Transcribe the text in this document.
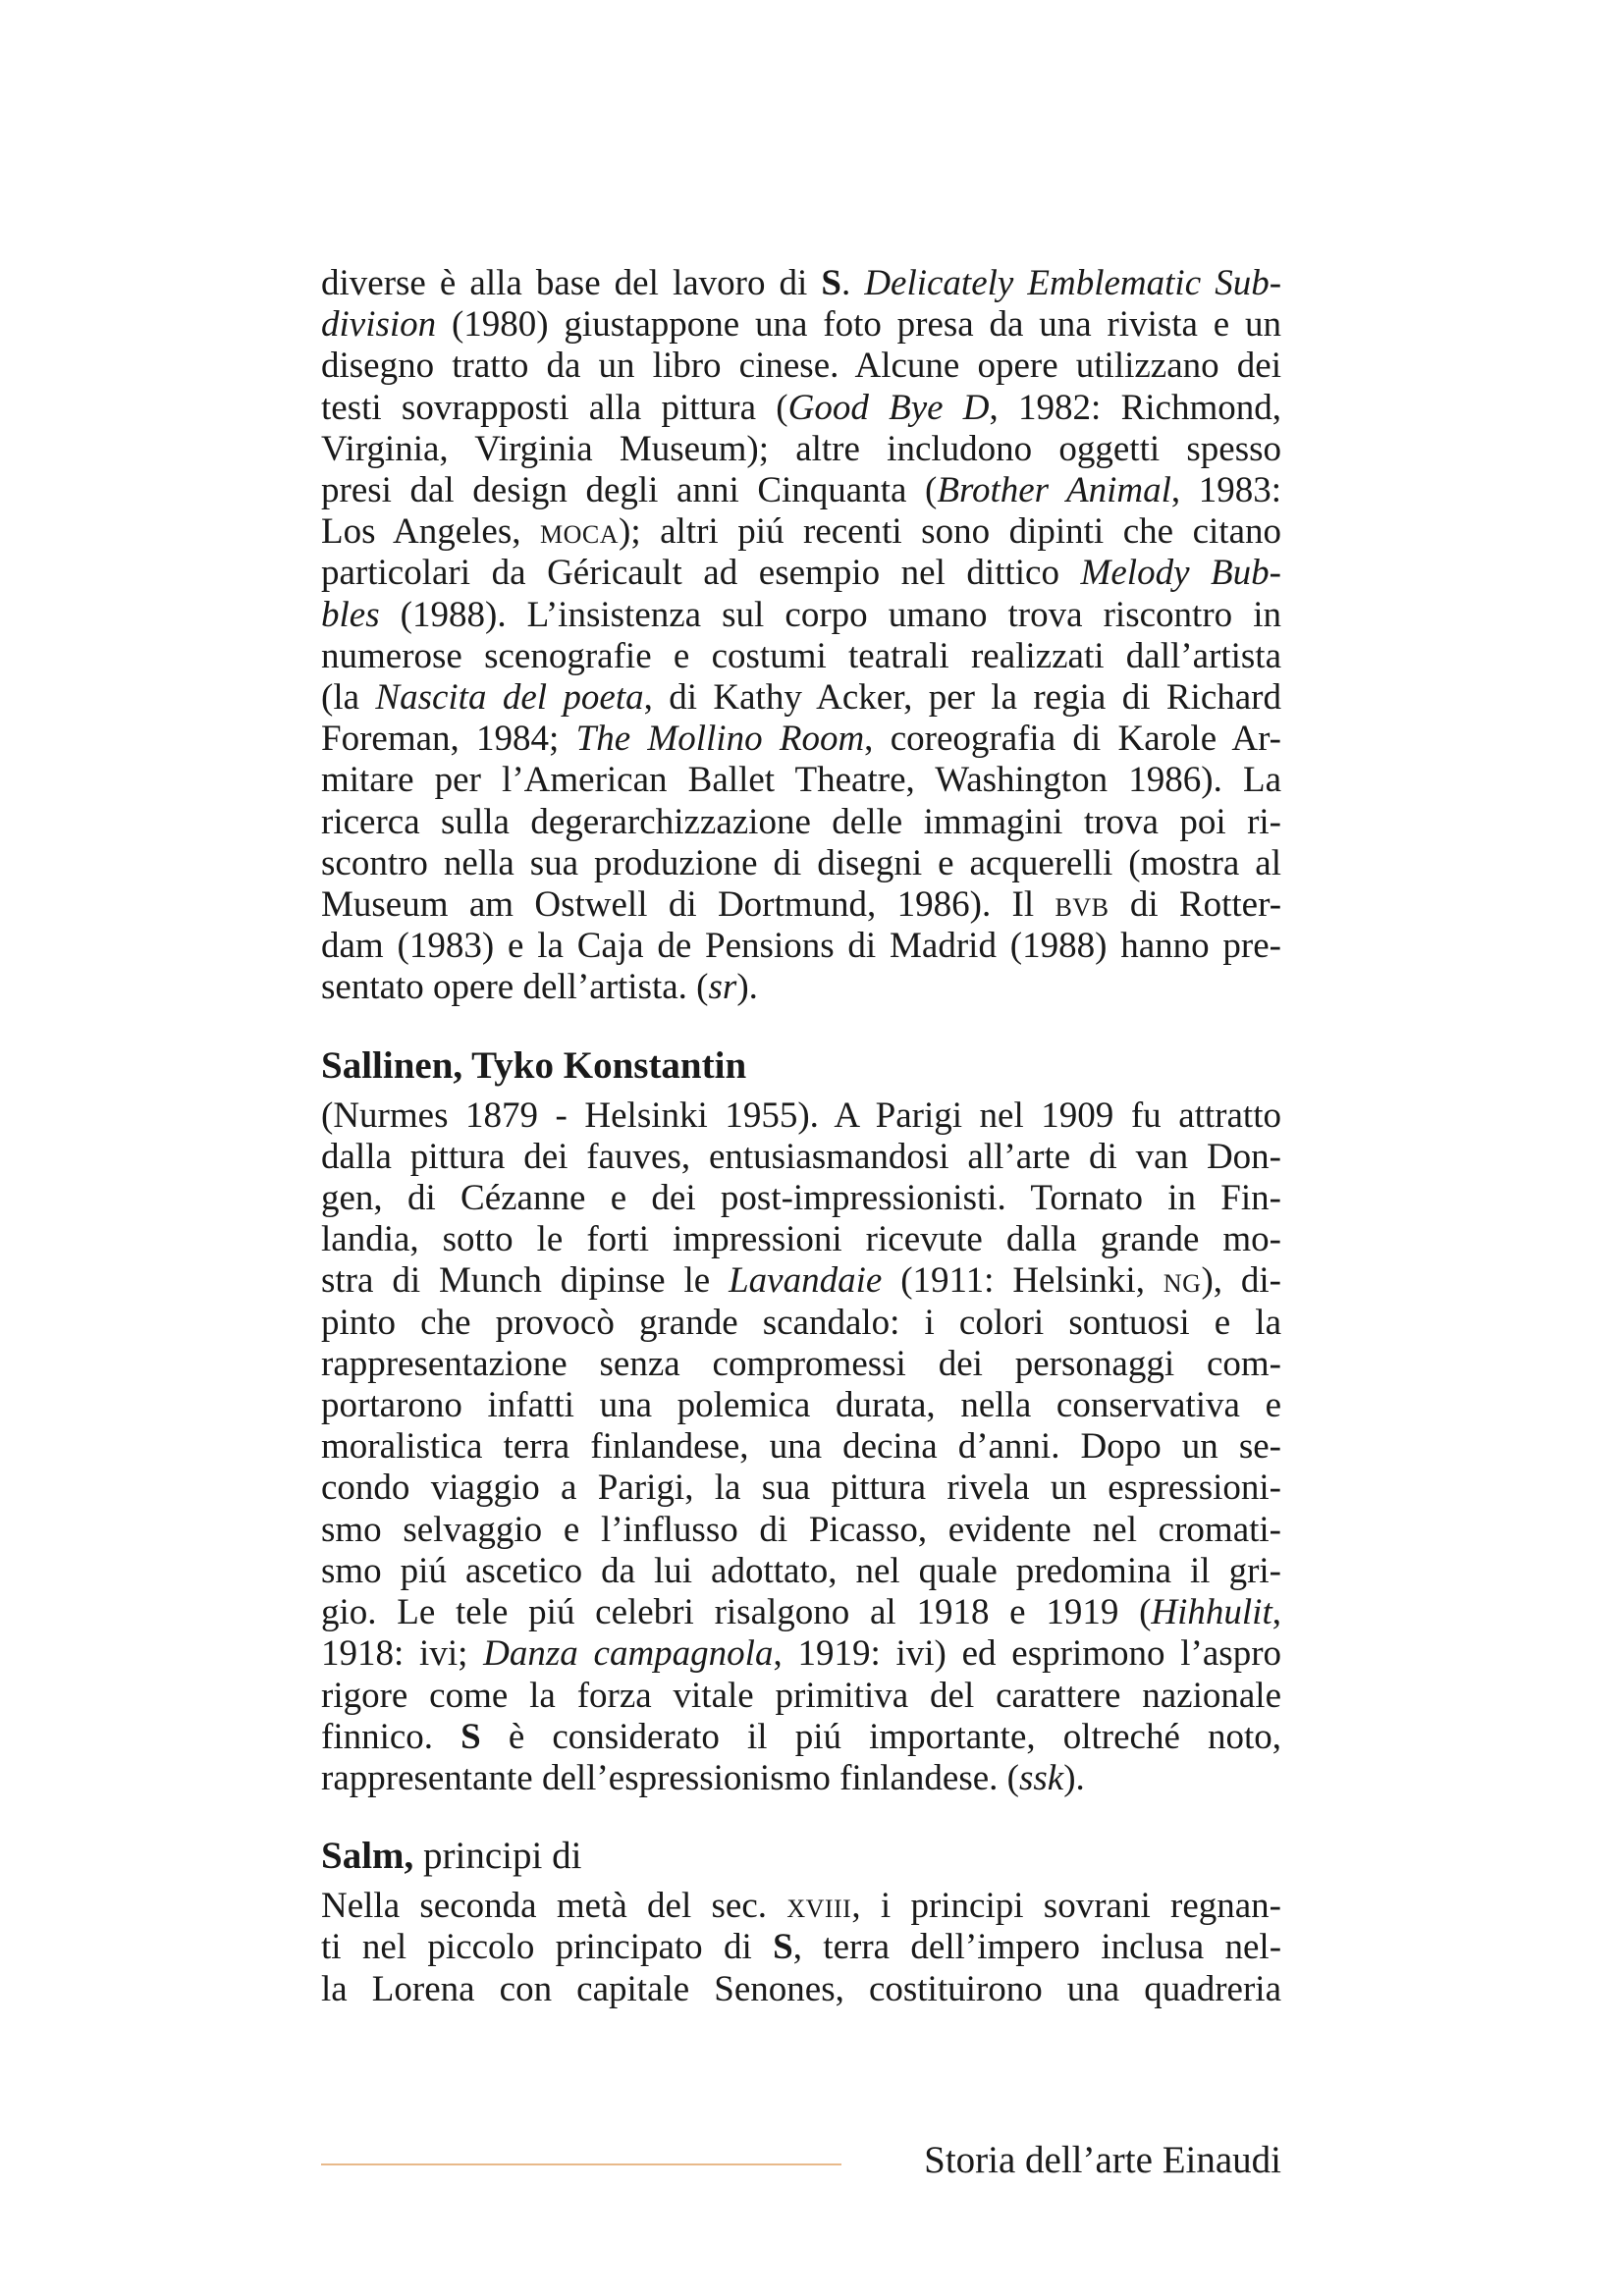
diverse è alla base del lavoro di S. Delicately Emblematic Sub-

division (1980) giustappone una foto presa da una rivista e un

disegno tratto da un libro cinese. Alcune opere utilizzano dei

testi sovrapposti alla pittura (Good Bye D, 1982: Richmond,

Virginia, Virginia Museum); altre includono oggetti spesso

presi dal design degli anni Cinquanta (Brother Animal, 1983:

Los Angeles, moca); altri piú recenti sono dipinti che citano

particolari da Géricault ad esempio nel dittico Melody Bub-

bles (1988). L’insistenza sul corpo umano trova riscontro in

numerose scenografie e costumi teatrali realizzati dall’artista

(la Nascita del poeta, di Kathy Acker, per la regia di Richard

Foreman, 1984; The Mollino Room, coreografia di Karole Ar-

mitare per l’American Ballet Theatre, Washington 1986). La

ricerca sulla degerarchizzazione delle immagini trova poi ri-

scontro nella sua produzione di disegni e acquerelli (mostra al

Museum am Ostwell di Dortmund, 1986). Il bvb di Rotter-

dam (1983) e la Caja de Pensions di Madrid (1988) hanno pre-

sentato opere dell’artista. (sr).

Sallinen, Tyko Konstantin

(Nurmes 1879 - Helsinki 1955). A Parigi nel 1909 fu attratto

dalla pittura dei fauves, entusiasmandosi all’arte di van Don-

gen, di Cézanne e dei post-impressionisti. Tornato in Fin-

landia, sotto le forti impressioni ricevute dalla grande mo-

stra di Munch dipinse le Lavandaie (1911: Helsinki, ng), di-

pinto che provocò grande scandalo: i colori sontuosi e la

rappresentazione senza compromessi dei personaggi com-

portarono infatti una polemica durata, nella conservativa e

moralistica terra finlandese, una decina d’anni. Dopo un se-

condo viaggio a Parigi, la sua pittura rivela un espressioni-

smo selvaggio e l’influsso di Picasso, evidente nel cromati-

smo piú ascetico da lui adottato, nel quale predomina il gri-

gio. Le tele piú celebri risalgono al 1918 e 1919 (Hihhulit,

1918: ivi; Danza campagnola, 1919: ivi) ed esprimono l’aspro

rigore come la forza vitale primitiva del carattere nazionale

finnico. S è considerato il piú importante, oltreché noto,

rappresentante dell’espressionismo finlandese. (ssk).

Salm, principi di

Nella seconda metà del sec. xviii, i principi sovrani regnan-

ti nel piccolo principato di S, terra dell’impero inclusa nel-

la Lorena con capitale Senones, costituirono una quadreria

Storia dell’arte Einaudi
